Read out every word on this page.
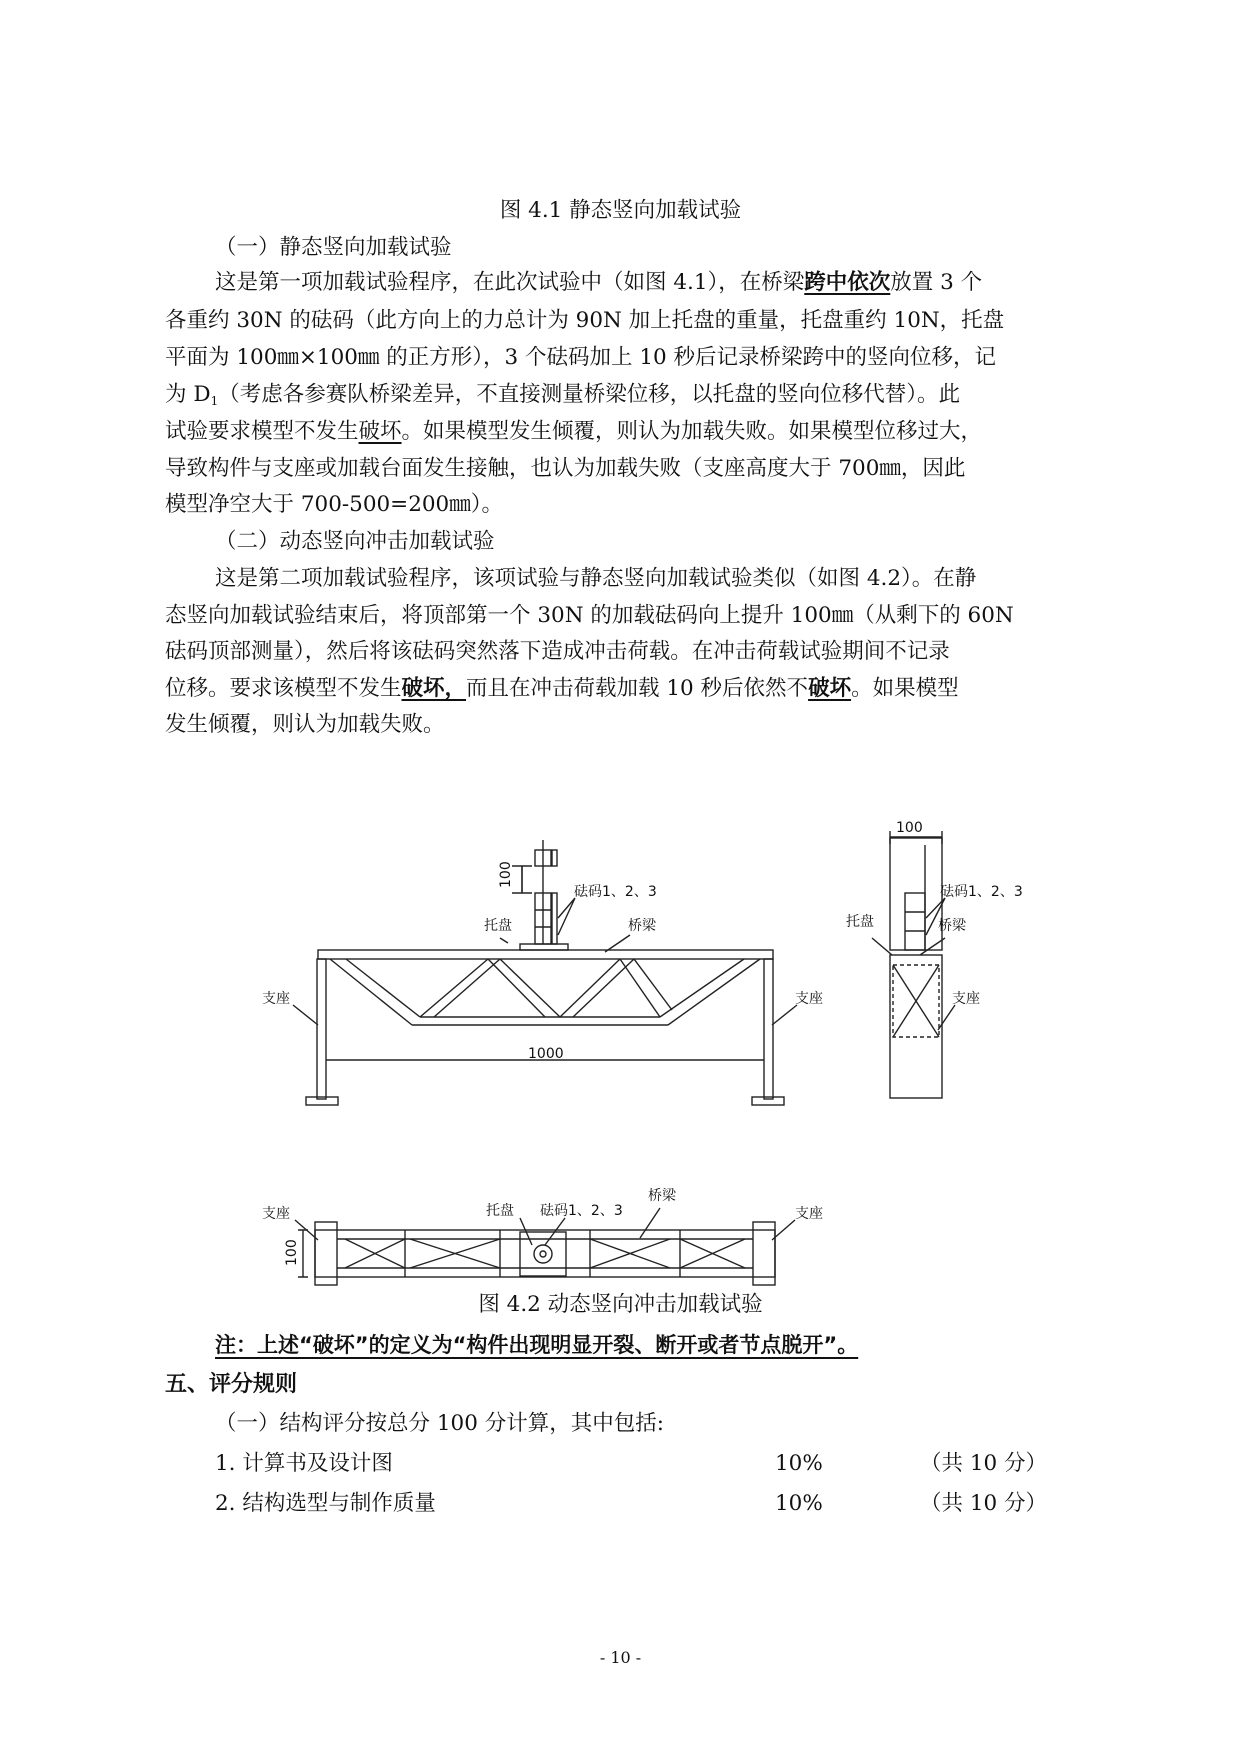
图 4.1 静态竖向加载试验
（一）静态竖向加载试验
这是第一项加载试验程序，在此次试验中（如图 4.1），在桥梁跨中依次放置 3 个
各重约 30N 的砝码（此方向上的力总计为 90N 加上托盘的重量，托盘重约 10N，托盘
平面为 100㎜×100㎜ 的正方形），3 个砝码加上 10 秒后记录桥梁跨中的竖向位移，记
为 $D_1$（考虑各参赛队桥梁差异，不直接测量桥梁位移，以托盘的竖向位移代替）。此
试验要求模型不发生破坏。如果模型发生倾覆，则认为加载失败。如果模型位移过大，
导致构件与支座或加载台面发生接触，也认为加载失败（支座高度大于 700㎜，因此
模型净空大于 700-500=200㎜）。
（二）动态竖向冲击加载试验
这是第二项加载试验程序，该项试验与静态竖向加载试验类似（如图 4.2）。在静
态竖向加载试验结束后，将顶部第一个 30N 的加载砝码向上提升 100㎜（从剩下的 60N
砝码顶部测量），然后将该砝码突然落下造成冲击荷载。在冲击荷载试验期间不记录
位移。要求该模型不发生破坏，而且在冲击荷载加载 10 秒后依然不破坏。如果模型
发生倾覆，则认为加载失败。
100
100
1000
100
砝码1、2、3
托盘	桥梁
支座	支座
砝码1、2、3
托盘	桥梁
支座
支座	支座
托盘 砝码1、2、3
桥梁
图 4.2 动态竖向冲击加载试验
注：上述“破坏”的定义为“构件出现明显开裂、断开或者节点脱开”。
五、评分规则
（一）结构评分按总分 100 分计算，其中包括:
1. 计算书及设计图	10%	（共 10 分）
2. 结构选型与制作质量	10%	（共 10 分）
- 10 -
